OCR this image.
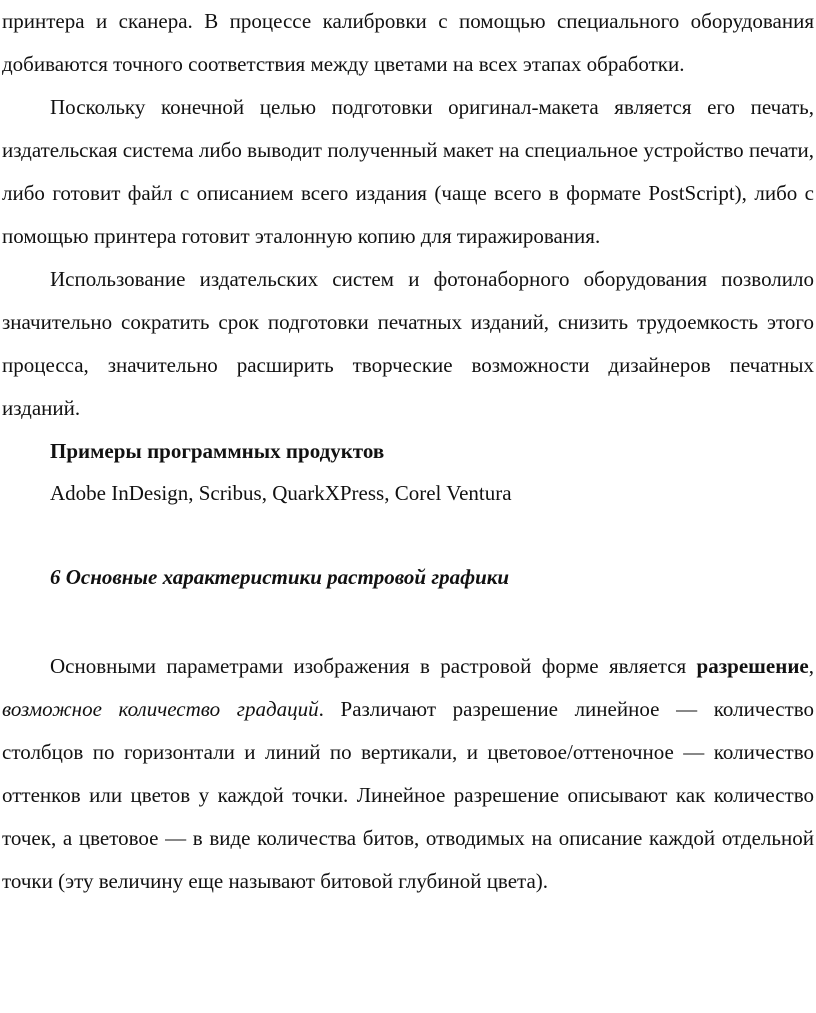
принтера и сканера. В процессе калибровки с помощью специального оборудования добиваются точного соответствия между цветами на всех этапах обработки.

Поскольку конечной целью подготовки оригинал-макета является его печать, издательская система либо выводит полученный макет на специальное устройство печати, либо готовит файл с описанием всего издания (чаще всего в формате PostScript), либо с помощью принтера готовит эталонную копию для тиражирования.

Использование издательских систем и фотонаборного оборудования позволило значительно сократить срок подготовки печатных изданий, снизить трудоемкость этого процесса, значительно расширить творческие возможности дизайнеров печатных изданий.

Примеры программных продуктов

Adobe InDesign, Scribus, QuarkXPress, Corel Ventura

6 Основные характеристики растровой графики

Основными параметрами изображения в растровой форме является разрешение, возможное количество градаций. Различают разрешение линейное — количество столбцов по горизонтали и линий по вертикали, и цветовое/оттеночное — количество оттенков или цветов у каждой точки. Линейное разрешение описывают как количество точек, а цветовое — в виде количества битов, отводимых на описание каждой отдельной точки (эту величину еще называют битовой глубиной цвета).
